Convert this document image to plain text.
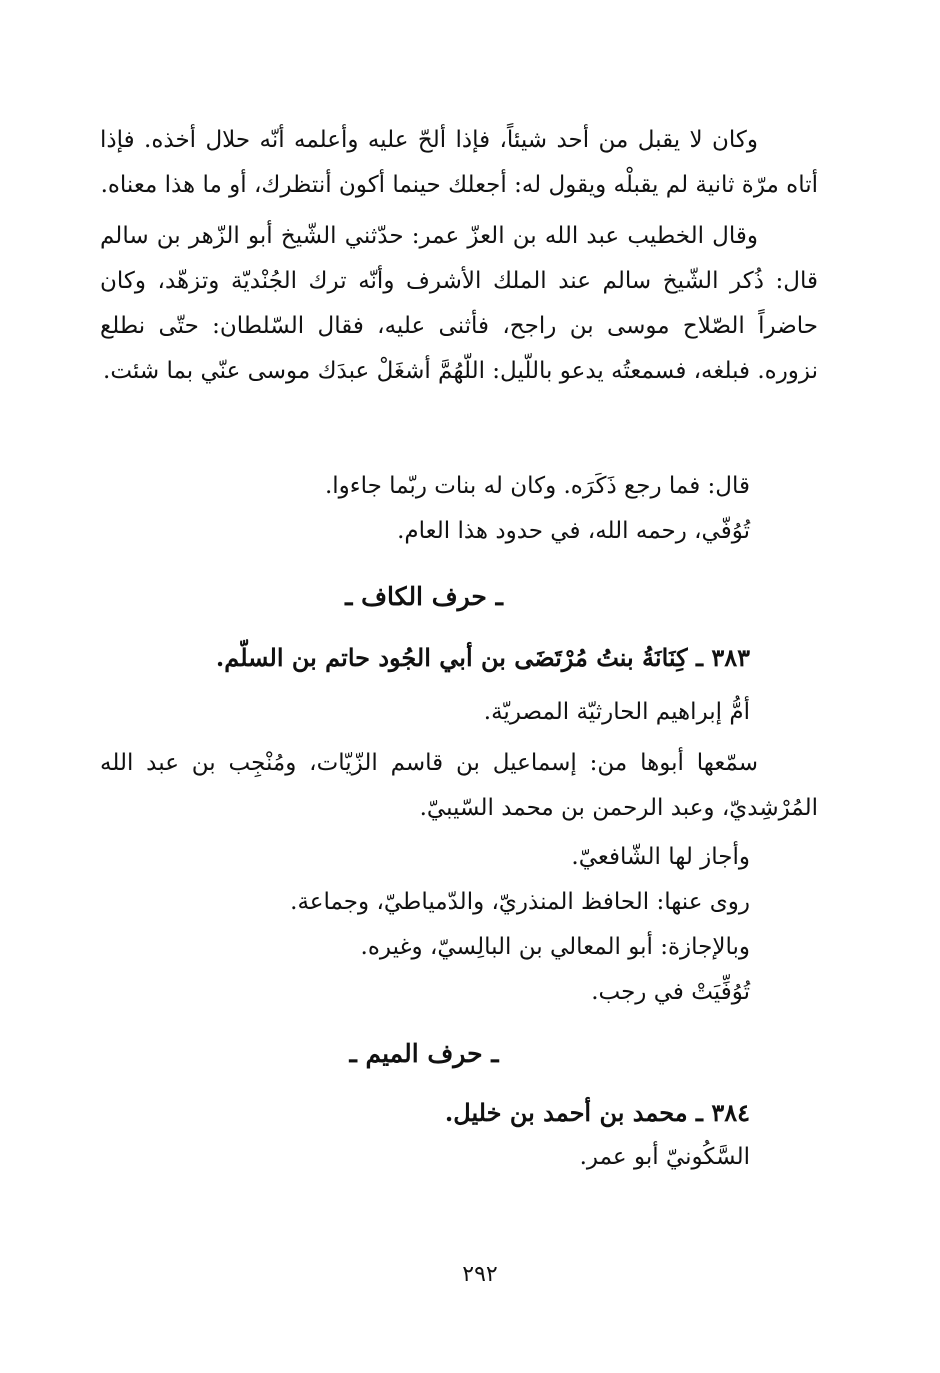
وكان لا يقبل من أحد شيئاً، فإذا ألحّ عليه وأعلمه أنّه حلال أخذه. فإذا أتاه مرّة ثانية لم يقبلْه ويقول له: أجعلك حينما أكون أنتظرك، أو ما هذا معناه.

وقال الخطيب عبد الله بن العزّ عمر: حدّثني الشّيخ أبو الزّهر بن سالم قال: ذُكر الشّيخ سالم عند الملك الأشرف وأنّه ترك الجُنْديّة وتزهّد، وكان حاضراً الصّلاح موسى بن راجح، فأثنى عليه، فقال السّلطان: حتّى نطلع نزوره. فبلغه، فسمعتُه يدعو باللّيل: اللّهُمَّ أشغَلْ عبدَك موسى عنّي بما شئت.

قال: فما رجع ذَكَرَه. وكان له بنات ربّما جاءوا.

تُوُفّي، رحمه الله، في حدود هذا العام.

ـ حرف الكاف ـ

٣٨٣ ـ كِنَانَةُ بنتُ مُرْتَضَى بن أبي الجُود حاتم بن السلّم.

أمُّ إبراهيم الحارثيّة المصريّة.

سمّعها أبوها من: إسماعيل بن قاسم الزّيّات، ومُنْجِب بن عبد الله المُرْشِديّ، وعبد الرحمن بن محمد السّيبيّ.

وأجاز لها الشّافعيّ.

روى عنها: الحافظ المنذريّ، والدّمياطيّ، وجماعة.

وبالإجازة: أبو المعالي بن البالِسيّ، وغيره.

تُوُفِّيَتْ في رجب.

ـ حرف الميم ـ

٣٨٤ ـ محمد بن أحمد بن خليل.

السَّكُونيّ أبو عمر.

٢٩٢
